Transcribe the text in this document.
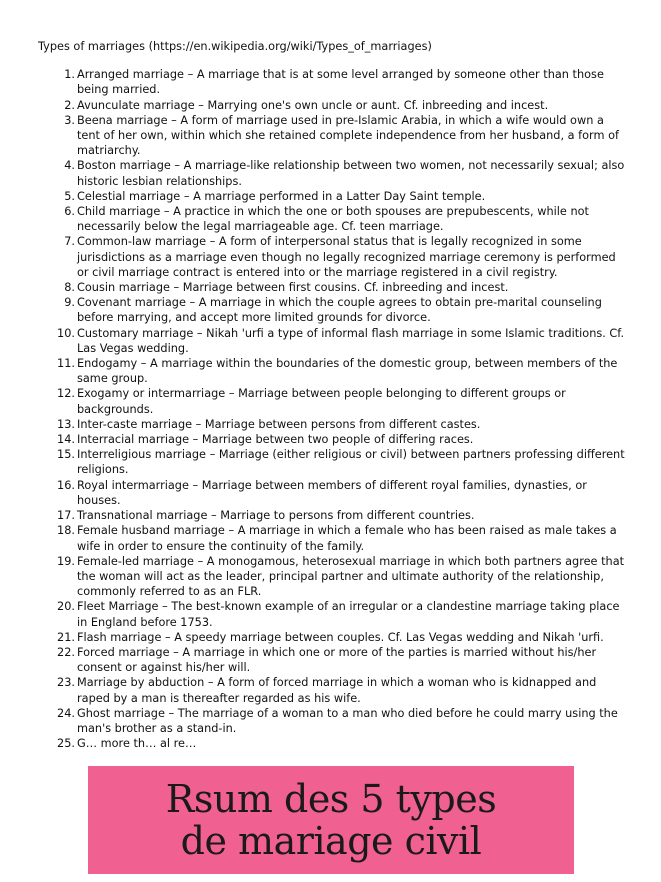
Types of marriages (https://en.wikipedia.org/wiki/Types_of_marriages)

1. Arranged marriage – A marriage that is at some level arranged by someone other than those being married.
2. Avunculate marriage – Marrying one's own uncle or aunt. Cf. inbreeding and incest.
3. Beena marriage – A form of marriage used in pre-Islamic Arabia, in which a wife would own a tent of her own, within which she retained complete independence from her husband, a form of matriarchy.
4. Boston marriage – A marriage-like relationship between two women, not necessarily sexual; also historic lesbian relationships.
5. Celestial marriage – A marriage performed in a Latter Day Saint temple.
6. Child marriage – A practice in which the one or both spouses are prepubescents, while not necessarily below the legal marriageable age. Cf. teen marriage.
7. Common-law marriage – A form of interpersonal status that is legally recognized in some jurisdictions as a marriage even though no legally recognized marriage ceremony is performed or civil marriage contract is entered into or the marriage registered in a civil registry.
8. Cousin marriage – Marriage between first cousins. Cf. inbreeding and incest.
9. Covenant marriage – A marriage in which the couple agrees to obtain pre-marital counseling before marrying, and accept more limited grounds for divorce.
10. Customary marriage – Nikah 'urfi a type of informal flash marriage in some Islamic traditions. Cf. Las Vegas wedding.
11. Endogamy – A marriage within the boundaries of the domestic group, between members of the same group.
12. Exogamy or intermarriage – Marriage between people belonging to different groups or backgrounds.
13. Inter-caste marriage – Marriage between persons from different castes.
14. Interracial marriage – Marriage between two people of differing races.
15. Interreligious marriage – Marriage (either religious or civil) between partners professing different religions.
16. Royal intermarriage – Marriage between members of different royal families, dynasties, or houses.
17. Transnational marriage – Marriage to persons from different countries.
18. Female husband marriage – A marriage in which a female who has been raised as male takes a wife in order to ensure the continuity of the family.
19. Female-led marriage – A monogamous, heterosexual marriage in which both partners agree that the woman will act as the leader, principal partner and ultimate authority of the relationship, commonly referred to as an FLR.
20. Fleet Marriage – The best-known example of an irregular or a clandestine marriage taking place in England before 1753.
21. Flash marriage – A speedy marriage between couples. Cf. Las Vegas wedding and Nikah 'urfi.
22. Forced marriage – A marriage in which one or more of the parties is married without his/her consent or against his/her will.
23. Marriage by abduction – A form of forced marriage in which a woman who is kidnapped and raped by a man is thereafter regarded as his wife.
24. Ghost marriage – The marriage of a woman to a man who died before he could marry using the man's brother as a stand-in.
25. G… more th… al re…
Rsum des 5 types de mariage civil
